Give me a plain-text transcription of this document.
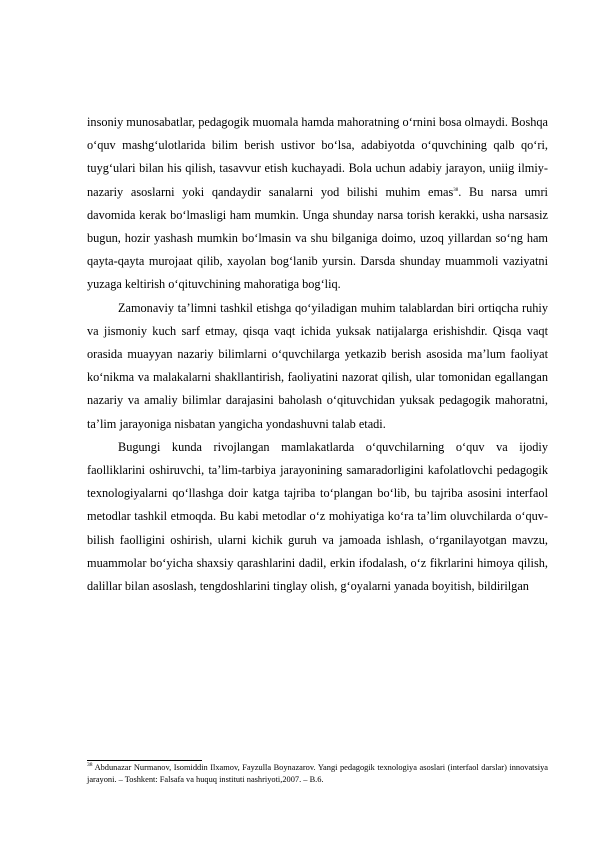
insoniy munosabatlar, pedagogik muomala hamda mahoratning o‘rnini bosa olmaydi. Boshqa o‘quv mashg‘ulotlarida bilim berish ustivor bo‘lsa, adabiyotda o‘quvchining qalb qo‘ri, tuyg‘ulari bilan his qilish, tasavvur etish kuchayadi. Bola uchun adabiy jarayon, uniig ilmiy-nazariy asoslarni yoki qandaydir sanalarni yod bilishi muhim emas$^{38}$. Bu narsa umri davomida kerak bo‘lmasligi ham mumkin. Unga shunday narsa torish kerakki, usha narsasiz bugun, hozir yashash mumkin bo‘lmasin va shu bilganiga doimo, uzoq yillardan so‘ng ham qayta-qayta murojaat qilib, xayolan bog‘lanib yursin. Darsda shunday muammoli vaziyatni yuzaga keltirish o‘qituvchining mahoratiga bog‘liq.

Zamonaviy ta’limni tashkil etishga qo‘yiladigan muhim talablardan biri ortiqcha ruhiy va jismoniy kuch sarf etmay, qisqa vaqt ichida yuksak natijalarga erishishdir. Qisqa vaqt orasida muayyan nazariy bilimlarni o‘quvchilarga yetkazib berish asosida ma’lum faoliyat ko‘nikma va malakalarni shakllantirish, faoliyatini nazorat qilish, ular tomonidan egallangan nazariy va amaliy bilimlar darajasini baholash o‘qituvchidan yuksak pedagogik mahoratni, ta’lim jarayoniga nisbatan yangicha yondashuvni talab etadi.

Bugungi kunda rivojlangan mamlakatlarda o‘quvchilarning o‘quv va ijodiy faolliklarini oshiruvchi, ta’lim-tarbiya jarayonining samaradorligini kafolatlovchi pedagogik texnologiyalarni qo‘llashga doir katga tajriba to‘plangan bo‘lib, bu tajriba asosini interfaol metodlar tashkil etmoqda. Bu kabi metodlar o‘z mohiyatiga ko‘ra ta’lim oluvchilarda o‘quv-bilish faolligini oshirish, ularni kichik guruh va jamoada ishlash, o‘rganilayotgan mavzu, muammolar bo‘yicha shaxsiy qarashlarini dadil, erkin ifodalash, o‘z fikrlarini himoya qilish, dalillar bilan asoslash, tengdoshlarini tinglay olish, g‘oyalarni yanada boyitish, bildirilgan

$^{38}$ Abdunazar Nurmanov, Isomiddin Ilxamov, Fayzulla Boynazarov. Yangi pedagogik texnologiya asoslari (interfaol darslar) innovatsiya jarayoni. – Toshkent: Falsafa va huquq instituti nashriyoti,2007. – B.6.
